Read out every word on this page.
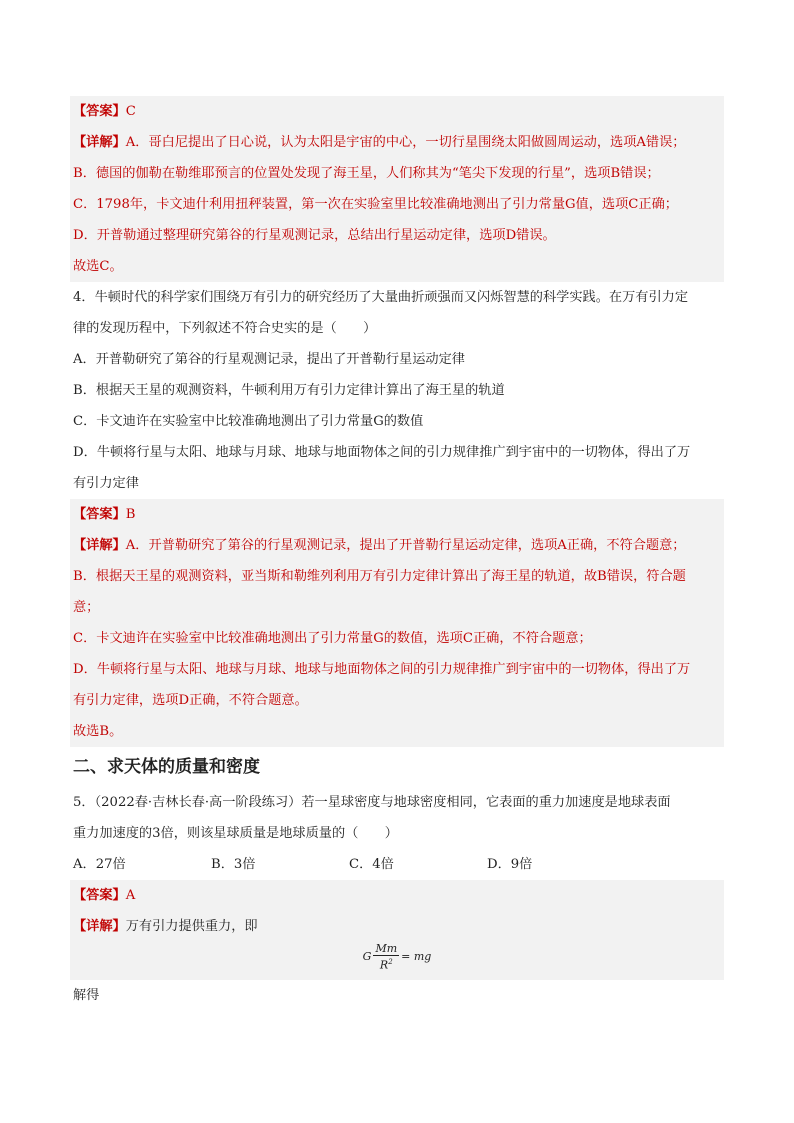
【答案】C
【详解】A．哥白尼提出了日心说，认为太阳是宇宙的中心，一切行星围绕太阳做圆周运动，选项A错误；
B．德国的伽勒在勒维耶预言的位置处发现了海王星，人们称其为“笔尖下发现的行星”，选项B错误；
C．1798年，卡文迪什利用扭秤装置，第一次在实验室里比较准确地测出了引力常量G值，选项C正确；
D．开普勒通过整理研究第谷的行星观测记录，总结出行星运动定律，选项D错误。
故选C。
4．牛顿时代的科学家们围绕万有引力的研究经历了大量曲折顽强而又闪烁智慧的科学实践。在万有引力定
律的发现历程中，下列叙述不符合史实的是（　　）
A．开普勒研究了第谷的行星观测记录，提出了开普勒行星运动定律
B．根据天王星的观测资料，牛顿利用万有引力定律计算出了海王星的轨道
C．卡文迪许在实验室中比较准确地测出了引力常量G的数值
D．牛顿将行星与太阳、地球与月球、地球与地面物体之间的引力规律推广到宇宙中的一切物体，得出了万
有引力定律
【答案】B
【详解】A．开普勒研究了第谷的行星观测记录，提出了开普勒行星运动定律，选项A正确，不符合题意；
B．根据天王星的观测资料，亚当斯和勒维列利用万有引力定律计算出了海王星的轨道，故B错误，符合题
意；
C．卡文迪许在实验室中比较准确地测出了引力常量G的数值，选项C正确，不符合题意；
D．牛顿将行星与太阳、地球与月球、地球与地面物体之间的引力规律推广到宇宙中的一切物体，得出了万
有引力定律，选项D正确，不符合题意。
故选B。
二、求天体的质量和密度
5．（2022春·吉林长春·高一阶段练习）若一星球密度与地球密度相同，它表面的重力加速度是地球表面
重力加速度的3倍，则该星球质量是地球质量的（　　）
A．27倍	B．3倍	C．4倍	D．9倍
【答案】A
【详解】万有引力提供重力，即
G $\frac{Mm}{R^2}$ = mg
解得
